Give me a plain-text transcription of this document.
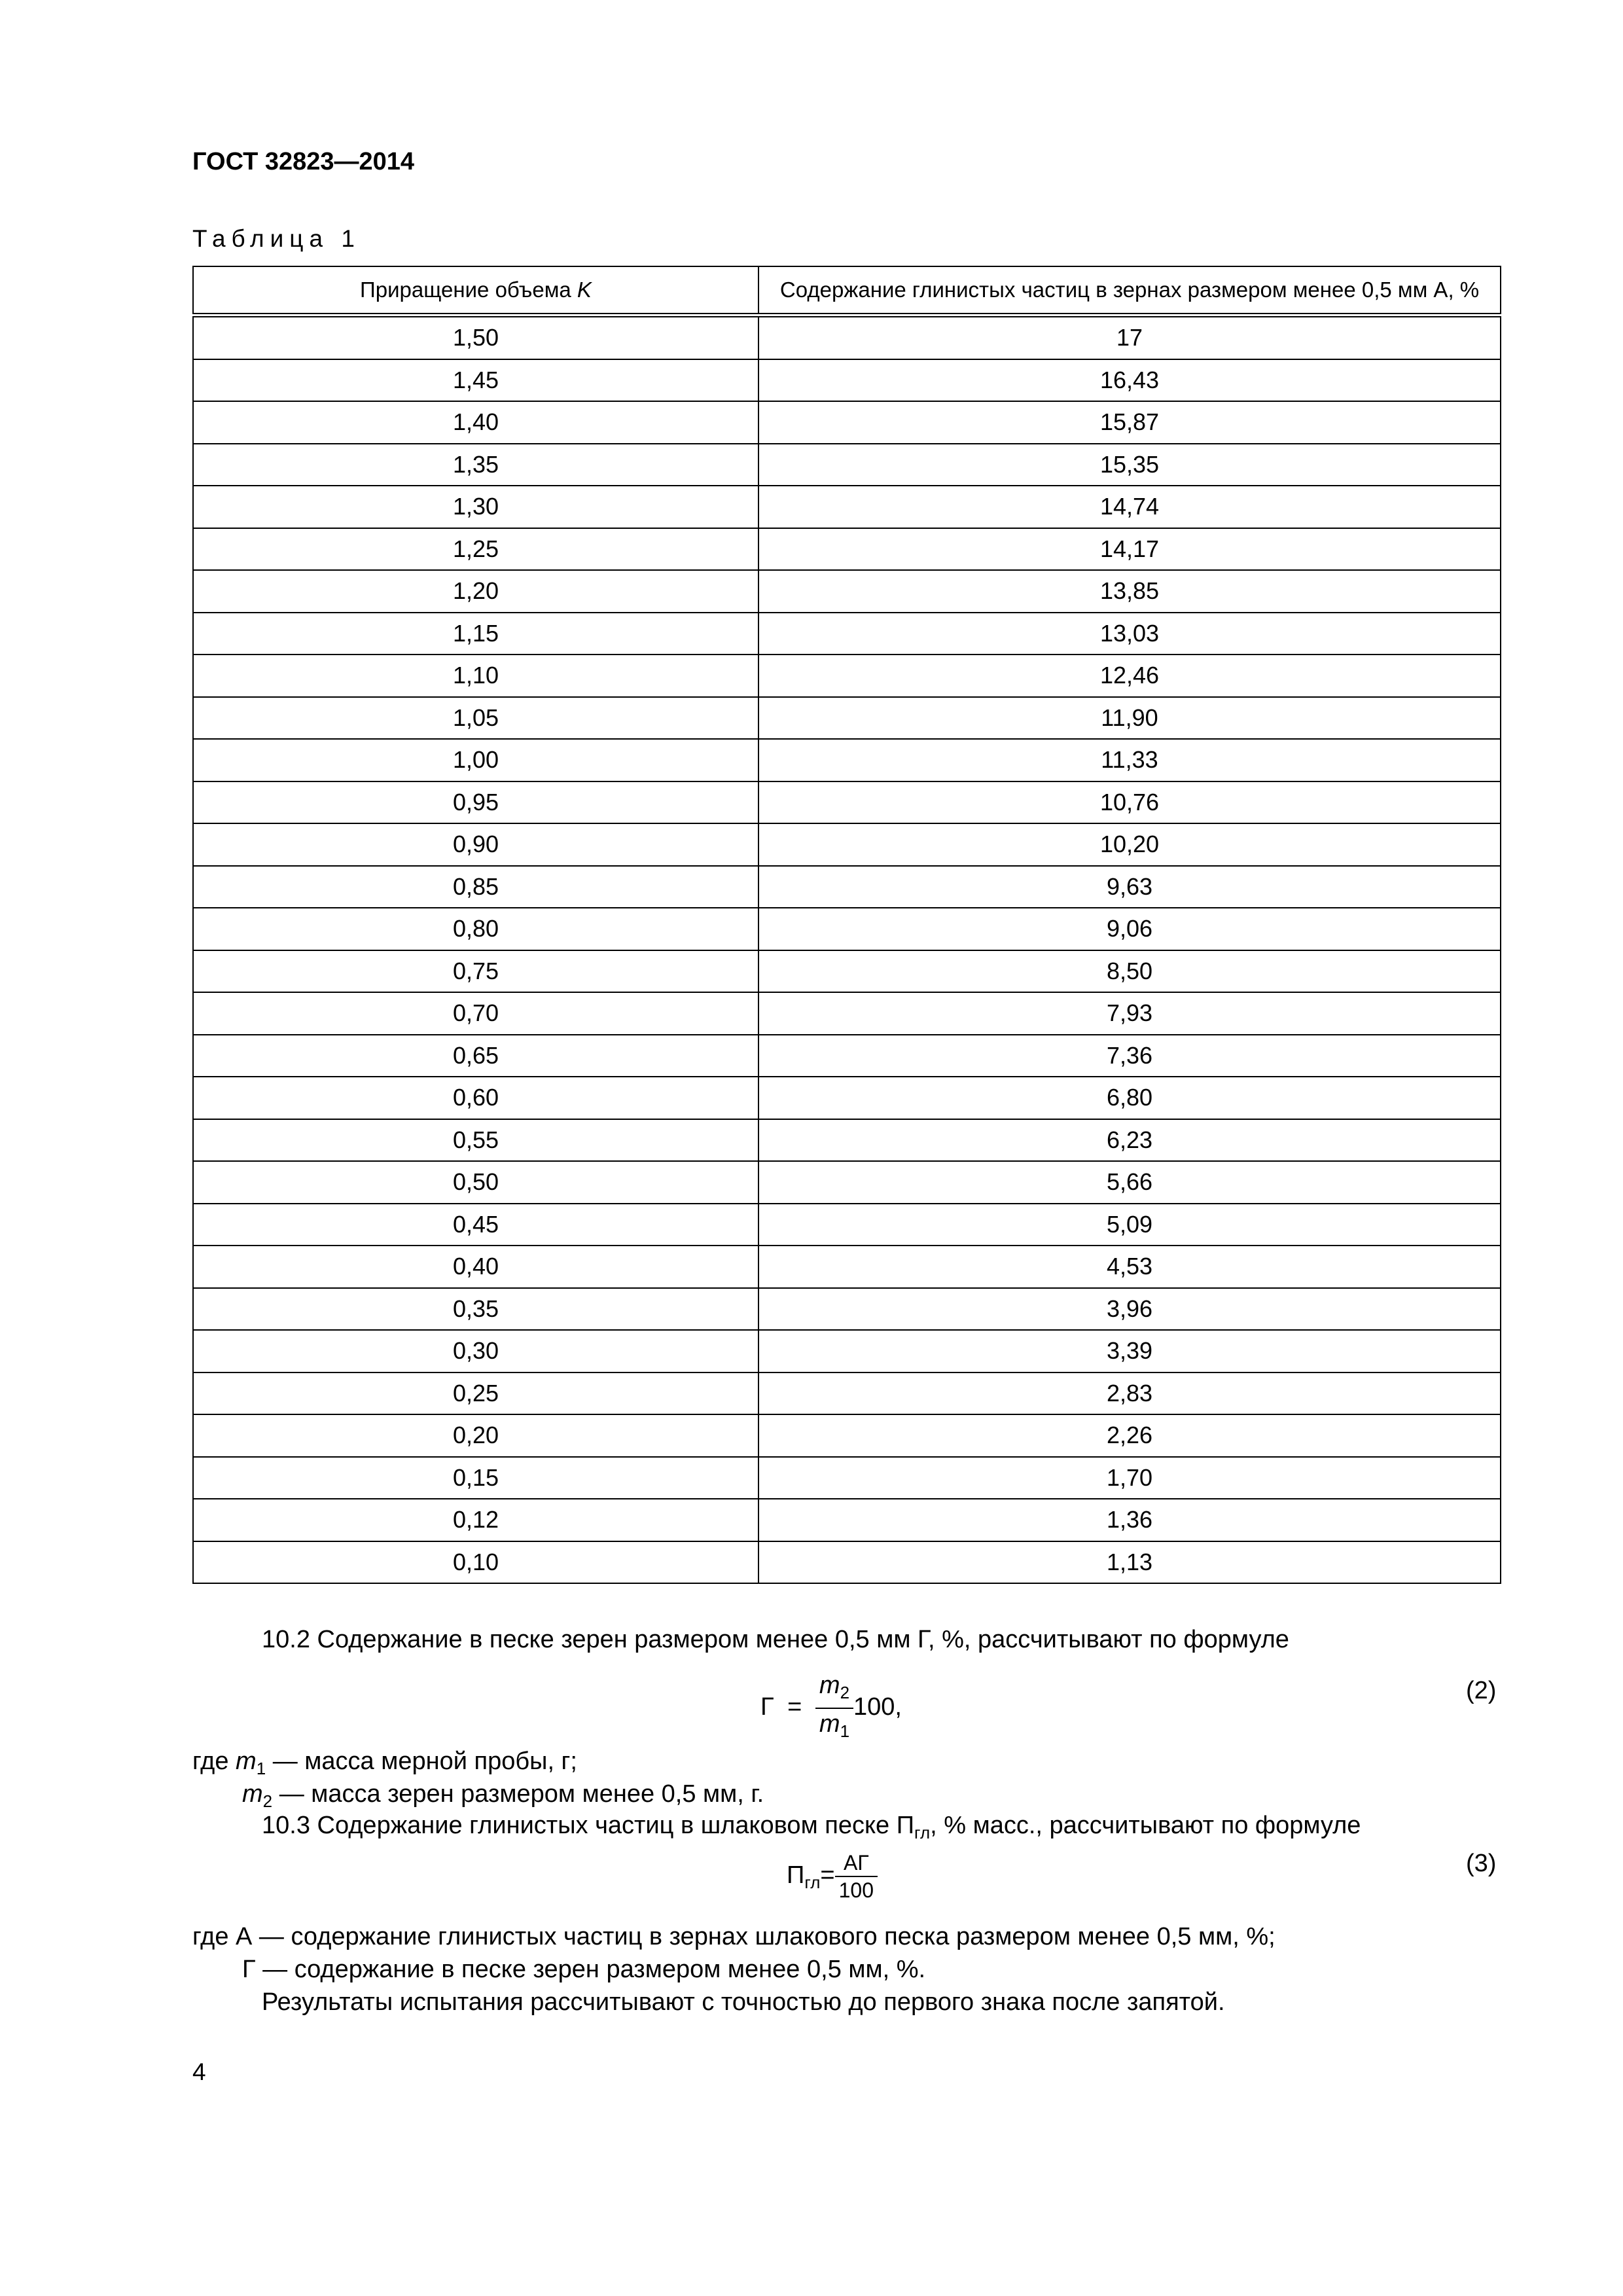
ГОСТ 32823—2014
Таблица 1
Приращение объема K	Содержание глинистых частиц в зернах размером менее 0,5 мм А, %
1,50	17
1,45	16,43
1,40	15,87
1,35	15,35
1,30	14,74
1,25	14,17
1,20	13,85
1,15	13,03
1,10	12,46
1,05	11,90
1,00	11,33
0,95	10,76
0,90	10,20
0,85	9,63
0,80	9,06
0,75	8,50
0,70	7,93
0,65	7,36
0,60	6,80
0,55	6,23
0,50	5,66
0,45	5,09
0,40	4,53
0,35	3,96
0,30	3,39
0,25	2,83
0,20	2,26
0,15	1,70
0,12	1,36
0,10	1,13
10.2 Содержание в песке зерен размером менее 0,5 мм Г, %, рассчитывают по формуле
$Г = \frac{m_2}{m_1} 100$,
(2)
где $m_1$ — масса мерной пробы, г;
$m_2$ — масса зерен размером менее 0,5 мм, г.
10.3 Содержание глинистых частиц в шлаковом песке $П_{гл}$, % масс., рассчитывают по формуле
$П_{гл}= \frac{АГ}{100}$	(3)
где А — содержание глинистых частиц в зернах шлакового песка размером менее 0,5 мм, %;
Г — содержание в песке зерен размером менее 0,5 мм, %.
Результаты испытания рассчитывают с точностью до первого знака после запятой.
4
